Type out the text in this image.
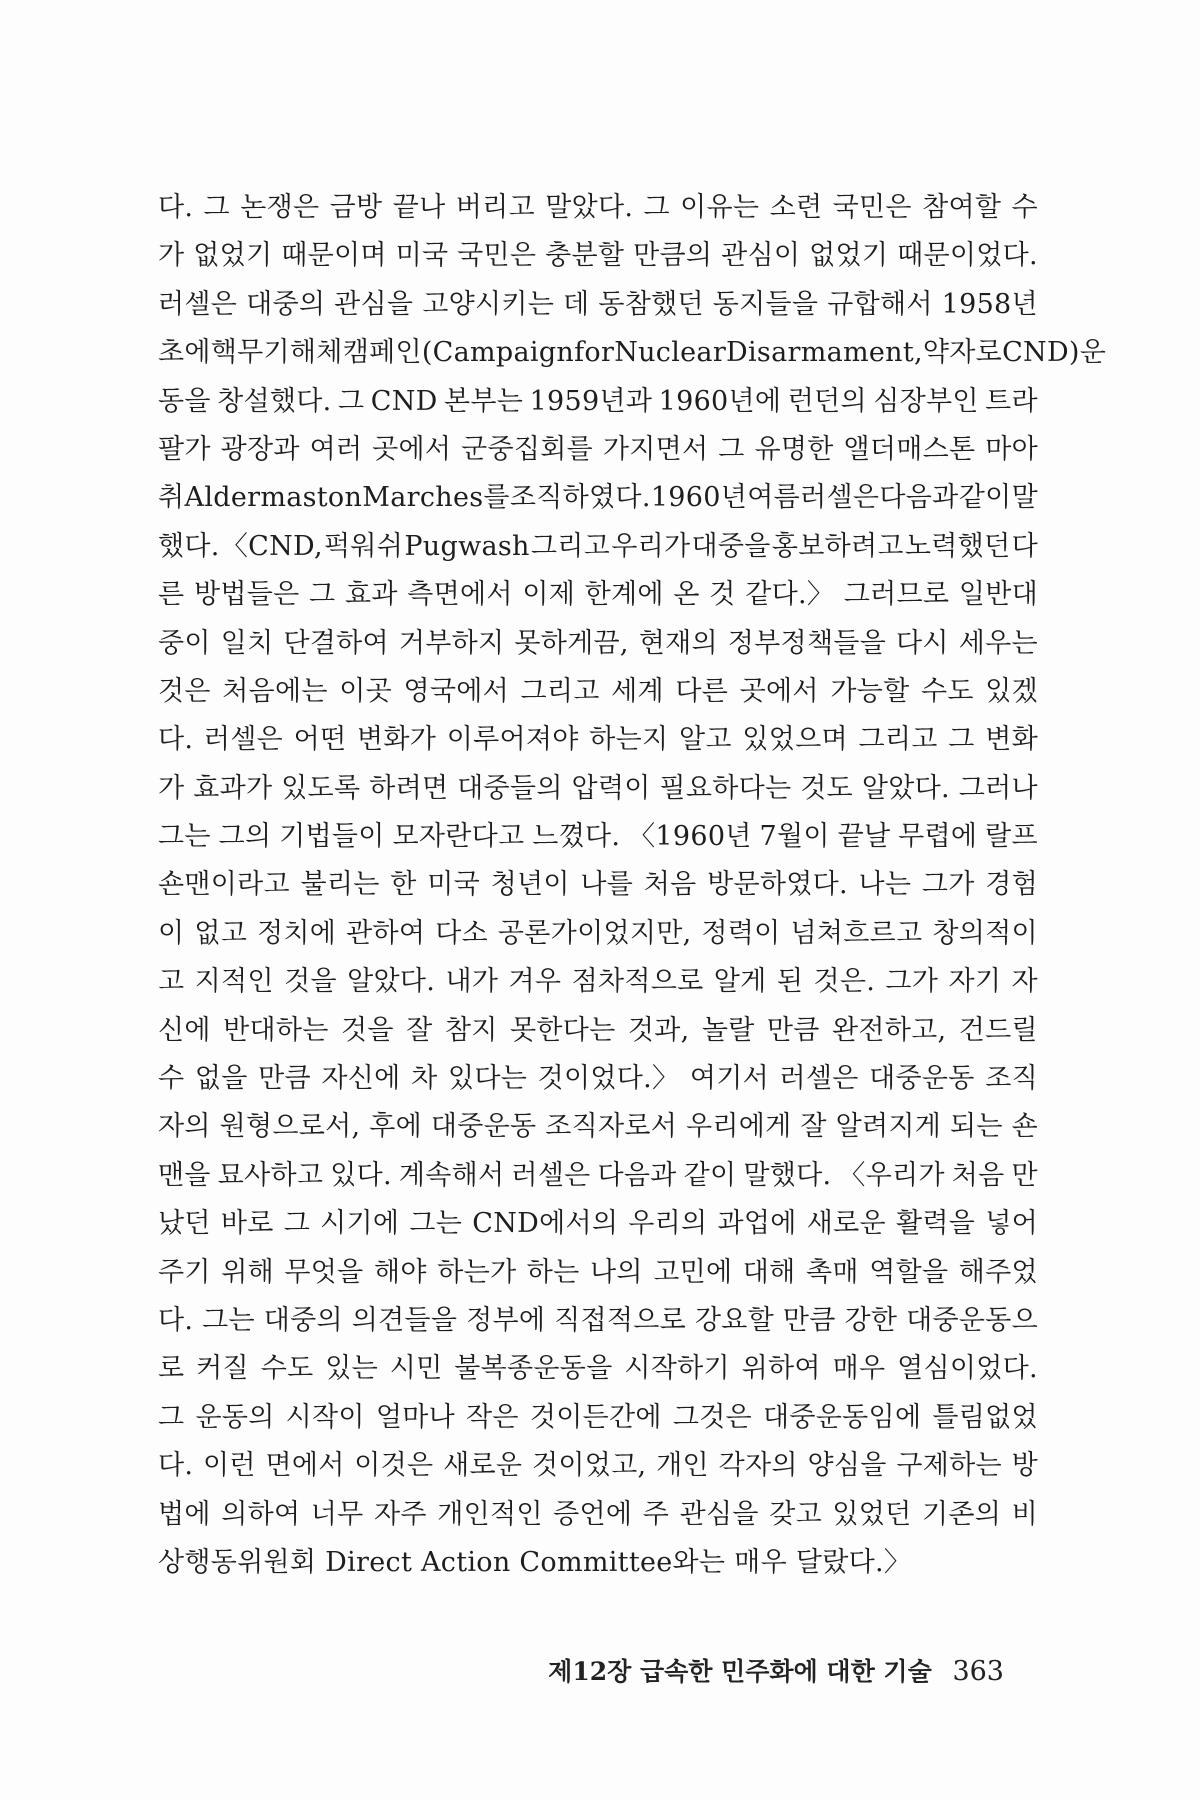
다. 그 논쟁은 금방 끝나 버리고 말았다. 그 이유는 소련 국민은 참여할 수
가 없었기 때문이며 미국 국민은 충분할 만큼의 관심이 없었기 때문이었다.
러셀은 대중의 관심을 고양시키는 데 동참했던 동지들을 규합해서 1958년
초에 핵무기 해체 캠페인(Campaign for Nuclear Disarmament, 약자로 CND) 운
동을 창설했다. 그 CND 본부는 1959년과 1960년에 런던의 심장부인 트라
팔가 광장과 여러 곳에서 군중집회를 가지면서 그 유명한 앨더매스톤 마아
취 Aldermaston Marches를 조직하였다. 1960년 여름 러셀은 다음과 같이 말
했다. 〈CND, 퍽워쉬 Pugwash 그리고 우리가 대중을 홍보하려고 노력했던 다
른 방법들은 그 효과 측면에서 이제 한계에 온 것 같다.〉 그러므로 일반대
중이 일치 단결하여 거부하지 못하게끔, 현재의 정부정책들을 다시 세우는
것은 처음에는 이곳 영국에서 그리고 세계 다른 곳에서 가능할 수도 있겠
다. 러셀은 어떤 변화가 이루어져야 하는지 알고 있었으며 그리고 그 변화
가 효과가 있도록 하려면 대중들의 압력이 필요하다는 것도 알았다. 그러나
그는 그의 기법들이 모자란다고 느꼈다. 〈1960년 7월이 끝날 무렵에 랄프
숀맨이라고 불리는 한 미국 청년이 나를 처음 방문하였다. 나는 그가 경험
이 없고 정치에 관하여 다소 공론가이었지만, 정력이 넘쳐흐르고 창의적이
고 지적인 것을 알았다. 내가 겨우 점차적으로 알게 된 것은. 그가 자기 자
신에 반대하는 것을 잘 참지 못한다는 것과, 놀랄 만큼 완전하고, 건드릴
수 없을 만큼 자신에 차 있다는 것이었다.〉 여기서 러셀은 대중운동 조직
자의 원형으로서, 후에 대중운동 조직자로서 우리에게 잘 알려지게 되는 숀
맨을 묘사하고 있다. 계속해서 러셀은 다음과 같이 말했다. 〈우리가 처음 만
났던 바로 그 시기에 그는 CND에서의 우리의 과업에 새로운 활력을 넣어
주기 위해 무엇을 해야 하는가 하는 나의 고민에 대해 촉매 역할을 해주었
다. 그는 대중의 의견들을 정부에 직접적으로 강요할 만큼 강한 대중운동으
로 커질 수도 있는 시민 불복종운동을 시작하기 위하여 매우 열심이었다.
그 운동의 시작이 얼마나 작은 것이든간에 그것은 대중운동임에 틀림없었
다. 이런 면에서 이것은 새로운 것이었고, 개인 각자의 양심을 구제하는 방
법에 의하여 너무 자주 개인적인 증언에 주 관심을 갖고 있었던 기존의 비
상행동위원회 Direct Action Committee와는 매우 달랐다.〉
제12장 급속한 민주화에 대한 기술 363
